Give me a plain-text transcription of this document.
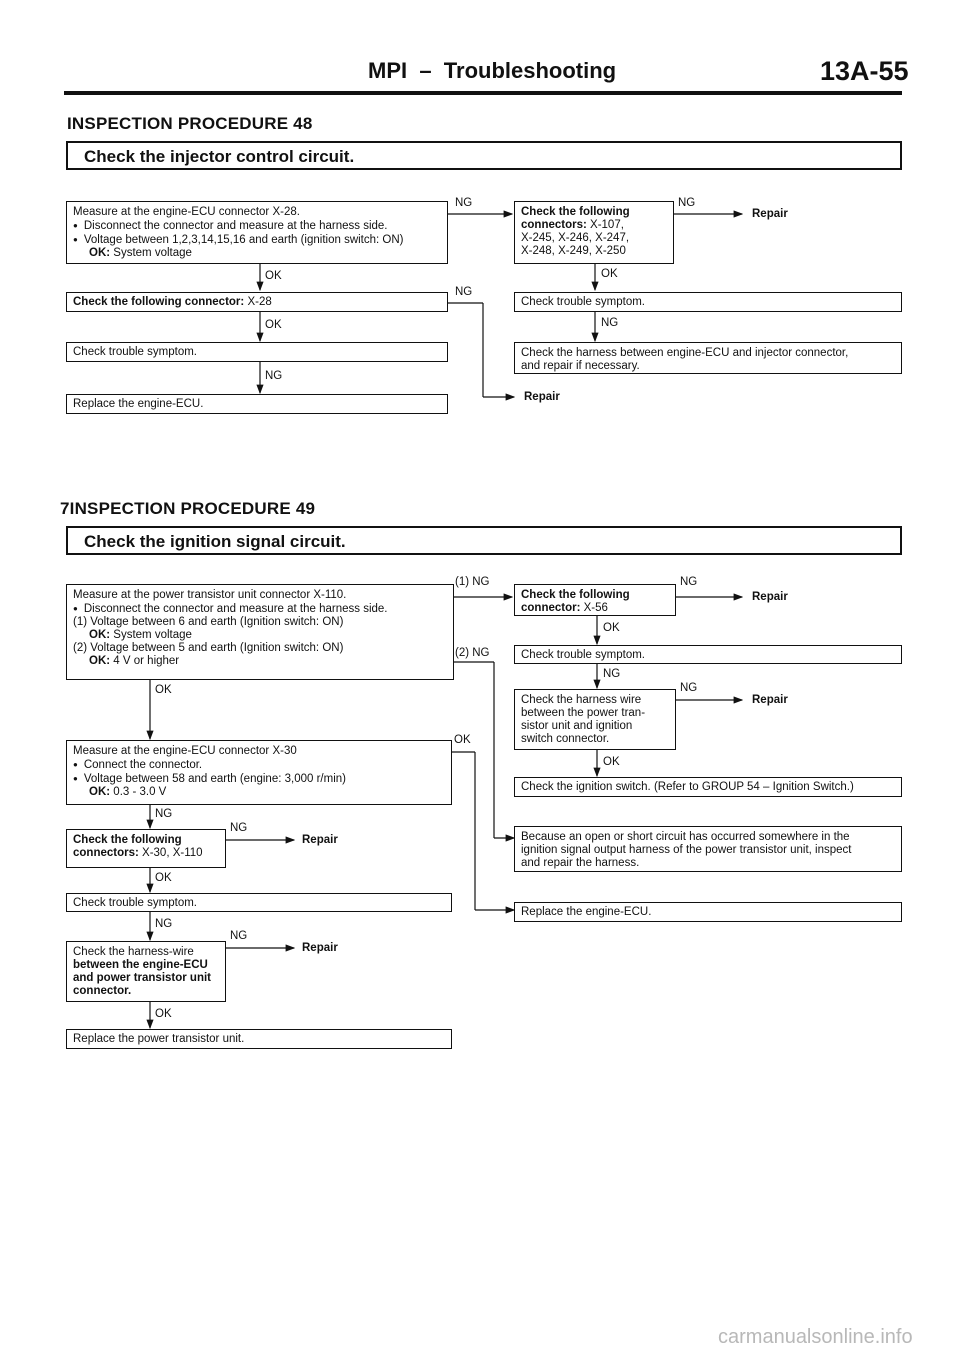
MPI  –  Troubleshooting	13A-55
INSPECTION PROCEDURE 48
Check the injector control circuit.
Measure at the engine-ECU connector X-28.
● Disconnect the connector and measure at the harness side.
● Voltage between 1,2,3,14,15,16 and earth (ignition switch: ON)
OK: System voltage
Check the following connector: X-28
Check trouble symptom.
Replace the engine-ECU.
Check the following
connectors: X-107,
X-245, X-246, X-247,
X-248, X-249, X-250
Check trouble symptom.
Check the harness between engine-ECU and injector connector,
and repair if necessary.
NG	NG
Repair
OK	OK
NG
OK	NG
NG
Repair
7INSPECTION PROCEDURE 49
Check the ignition signal circuit.
Measure at the power transistor unit connector X-110.
● Disconnect the connector and measure at the harness side.
(1) Voltage between 6 and earth (Ignition switch: ON)
OK: System voltage
(2) Voltage between 5 and earth (Ignition switch: ON)
OK: 4 V or higher
Measure at the engine-ECU connector X-30
● Connect the connector.
● Voltage between 58 and earth (engine: 3,000 r/min)
OK: 0.3 - 3.0 V
Check the following
connectors: X-30, X-110
Check trouble symptom.
Check the harness-wire
between the engine-ECU
and power transistor unit
connector.
Replace the power transistor unit.
Check the following
connector: X-56
Check trouble symptom.
Check the harness wire
between the power tran-
sistor unit and ignition
switch connector.
Check the ignition switch. (Refer to GROUP 54 – Ignition Switch.)
Because an open or short circuit has occurred somewhere in the
ignition signal output harness of the power transistor unit, inspect
and repair the harness.
Replace the engine-ECU.
(1) NG
(2) NG
NG
Repair
OK
NG
NG
Repair
OK
OK
OK
NG
NG
Repair
OK
NG
NG
Repair
OK
carmanualsonline.info
